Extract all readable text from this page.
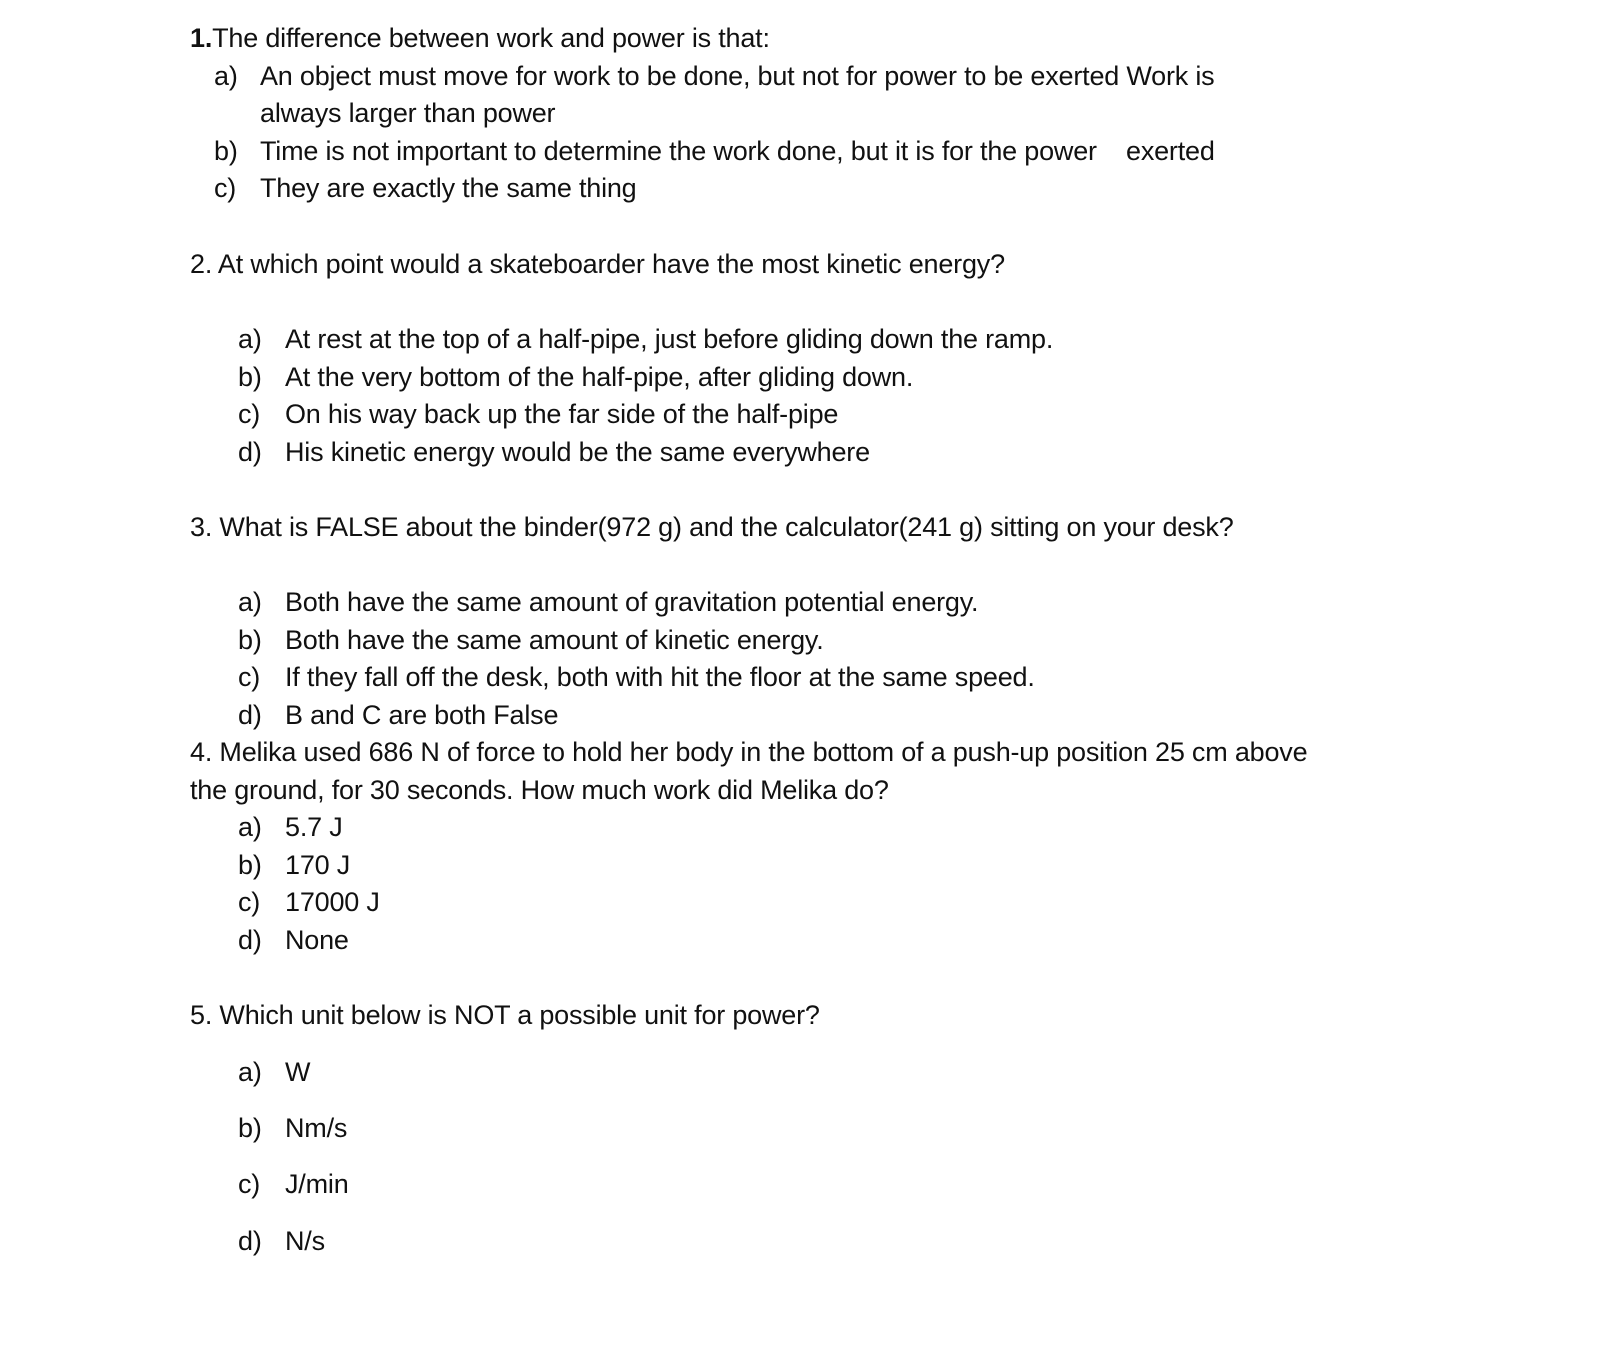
1.The difference between work and power is that:
a) An object must move for work to be done, but not for power to be exerted Work is
always larger than power
b) Time is not important to determine the work done, but it is for the power    exerted
c) They are exactly the same thing
2. At which point would a skateboarder have the most kinetic energy?
a) At rest at the top of a half-pipe, just before gliding down the ramp.
b) At the very bottom of the half-pipe, after gliding down.
c) On his way back up the far side of the half-pipe
d) His kinetic energy would be the same everywhere
3. What is FALSE about the binder(972 g) and the calculator(241 g) sitting on your desk?
a) Both have the same amount of gravitation potential energy.
b) Both have the same amount of kinetic energy.
c) If they fall off the desk, both with hit the floor at the same speed.
d) B and C are both False
4. Melika used 686 N of force to hold her body in the bottom of a push-up position 25 cm above
the ground, for 30 seconds. How much work did Melika do?
a) 5.7 J
b) 170 J
c) 17000 J
d) None
5. Which unit below is NOT a possible unit for power?
a) W
b) Nm/s
c) J/min
d) N/s
